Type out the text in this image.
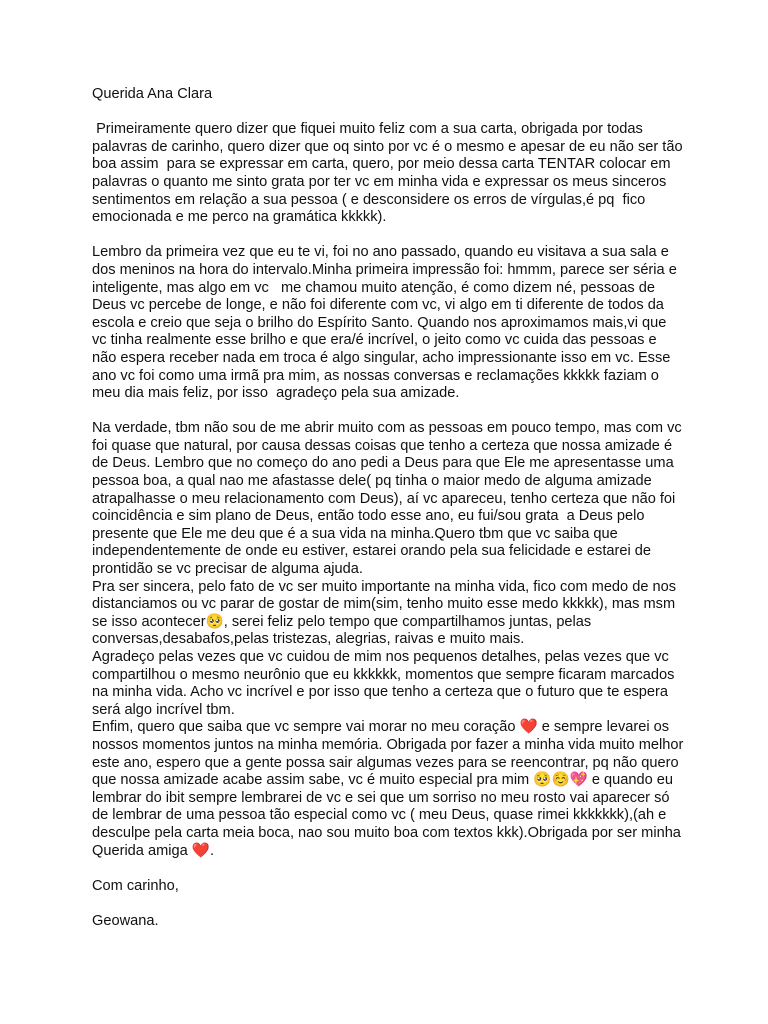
Querida Ana Clara

Primeiramente quero dizer que fiquei muito feliz com a sua carta, obrigada por todas palavras de carinho, quero dizer que oq sinto por vc é o mesmo e apesar de eu não ser tão boa assim  para se expressar em carta, quero, por meio dessa carta TENTAR colocar em palavras o quanto me sinto grata por ter vc em minha vida e expressar os meus sinceros sentimentos em relação a sua pessoa ( e desconsidere os erros de vírgulas,é pq  fico emocionada e me perco na gramática kkkkk).

Lembro da primeira vez que eu te vi, foi no ano passado, quando eu visitava a sua sala e dos meninos na hora do intervalo.Minha primeira impressão foi: hmmm, parece ser séria e inteligente, mas algo em vc   me chamou muito atenção, é como dizem né, pessoas de Deus vc percebe de longe, e não foi diferente com vc, vi algo em ti diferente de todos da escola e creio que seja o brilho do Espírito Santo. Quando nos aproximamos mais,vi que vc tinha realmente esse brilho e que era/é incrível, o jeito como vc cuida das pessoas e não espera receber nada em troca é algo singular, acho impressionante isso em vc. Esse ano vc foi como uma irmã pra mim, as nossas conversas e reclamações kkkkk faziam o meu dia mais feliz, por isso  agradeço pela sua amizade.

Na verdade, tbm não sou de me abrir muito com as pessoas em pouco tempo, mas com vc foi quase que natural, por causa dessas coisas que tenho a certeza que nossa amizade é de Deus. Lembro que no começo do ano pedi a Deus para que Ele me apresentasse uma pessoa boa, a qual nao me afastasse dele( pq tinha o maior medo de alguma amizade atrapalhasse o meu relacionamento com Deus), aí vc apareceu, tenho certeza que não foi coincidência e sim plano de Deus, então todo esse ano, eu fui/sou grata  a Deus pelo presente que Ele me deu que é a sua vida na minha.Quero tbm que vc saiba que independentemente de onde eu estiver, estarei orando pela sua felicidade e estarei de prontidão se vc precisar de alguma ajuda.

Pra ser sincera, pelo fato de vc ser muito importante na minha vida, fico com medo de nos distanciamos ou vc parar de gostar de mim(sim, tenho muito esse medo kkkkk), mas msm se isso acontecer🥺, serei feliz pelo tempo que compartilhamos juntas, pelas conversas,desabafos,pelas tristezas, alegrias, raivas e muito mais.

Agradeço pelas vezes que vc cuidou de mim nos pequenos detalhes, pelas vezes que vc compartilhou o mesmo neurônio que eu kkkkkk, momentos que sempre ficaram marcados na minha vida. Acho vc incrível e por isso que tenho a certeza que o futuro que te espera será algo incrível tbm.

Enfim, quero que saiba que vc sempre vai morar no meu coração ❤️ e sempre levarei os nossos momentos juntos na minha memória. Obrigada por fazer a minha vida muito melhor este ano, espero que a gente possa sair algumas vezes para se reencontrar, pq não quero que nossa amizade acabe assim sabe, vc é muito especial pra mim 🥺☺️💖 e quando eu lembrar do ibit sempre lembrarei de vc e sei que um sorriso no meu rosto vai aparecer só de lembrar de uma pessoa tão especial como vc ( meu Deus, quase rimei kkkkkkk),(ah e desculpe pela carta meia boca, nao sou muito boa com textos kkk).Obrigada por ser minha Querida amiga ❤️.

Com carinho,

Geowana.
